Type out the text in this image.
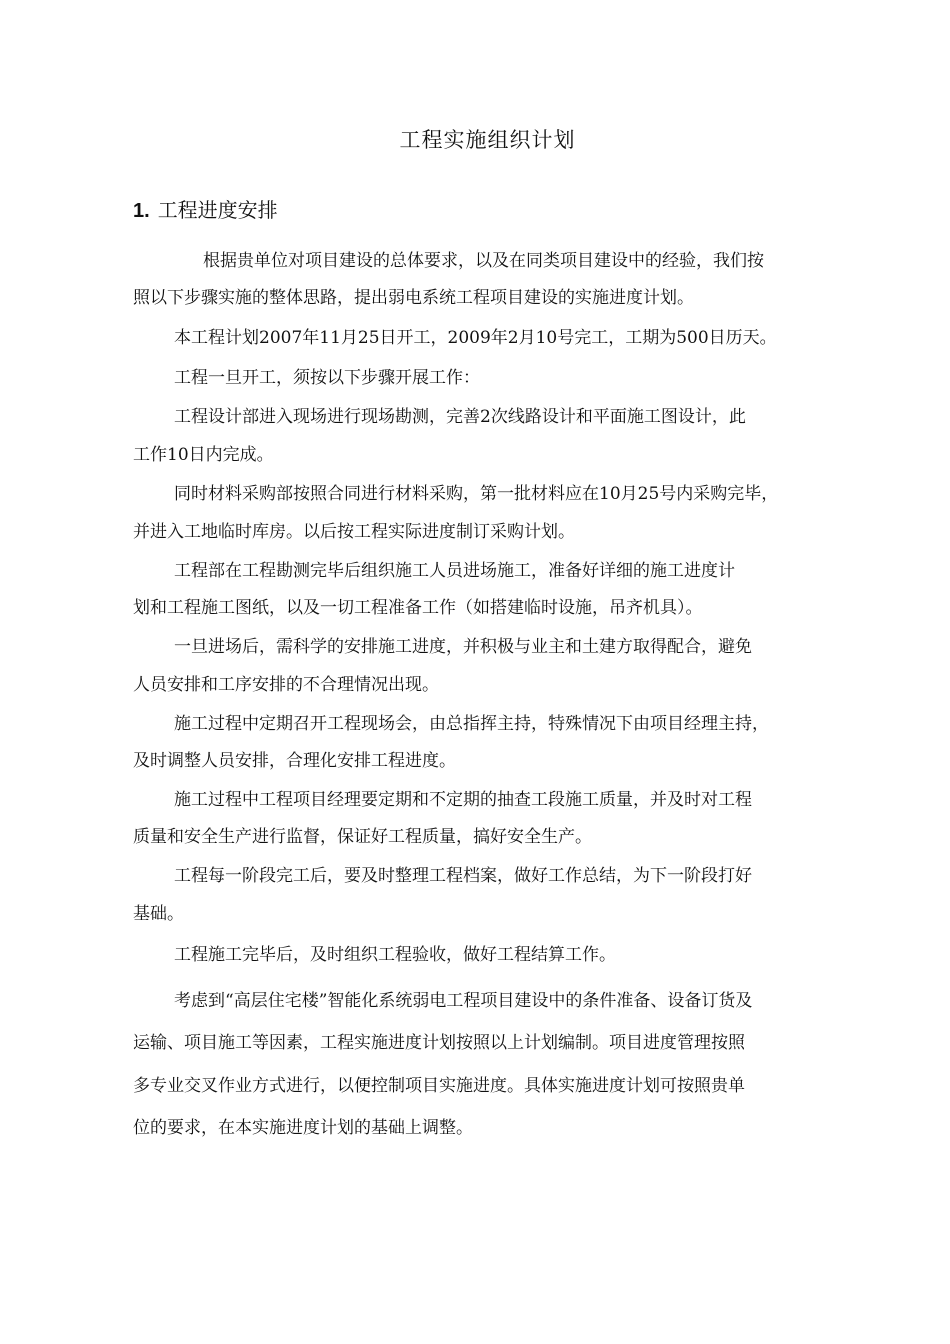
工程实施组织计划
1. 工程进度安排
根据贵单位对项目建设的总体要求，以及在同类项目建设中的经验，我们按
照以下步骤实施的整体思路，提出弱电系统工程项目建设的实施进度计划。
本工程计划2007年11月25日开工，2009年2月10号完工，工期为500日历天。
工程一旦开工，须按以下步骤开展工作：
工程设计部进入现场进行现场勘测，完善2次线路设计和平面施工图设计，此
工作10日内完成。
同时材料采购部按照合同进行材料采购，第一批材料应在10月25号内采购完毕，
并进入工地临时库房。以后按工程实际进度制订采购计划。
工程部在工程勘测完毕后组织施工人员进场施工，准备好详细的施工进度计
划和工程施工图纸，以及一切工程准备工作（如搭建临时设施，吊齐机具）。
一旦进场后，需科学的安排施工进度，并积极与业主和土建方取得配合，避免
人员安排和工序安排的不合理情况出现。
施工过程中定期召开工程现场会，由总指挥主持，特殊情况下由项目经理主持，
及时调整人员安排，合理化安排工程进度。
施工过程中工程项目经理要定期和不定期的抽查工段施工质量，并及时对工程
质量和安全生产进行监督，保证好工程质量，搞好安全生产。
工程每一阶段完工后，要及时整理工程档案，做好工作总结，为下一阶段打好
基础。
工程施工完毕后，及时组织工程验收，做好工程结算工作。
考虑到“高层住宅楼”智能化系统弱电工程项目建设中的条件准备、设备订货及
运输、项目施工等因素，工程实施进度计划按照以上计划编制。项目进度管理按照
多专业交叉作业方式进行，以便控制项目实施进度。具体实施进度计划可按照贵单
位的要求，在本实施进度计划的基础上调整。
